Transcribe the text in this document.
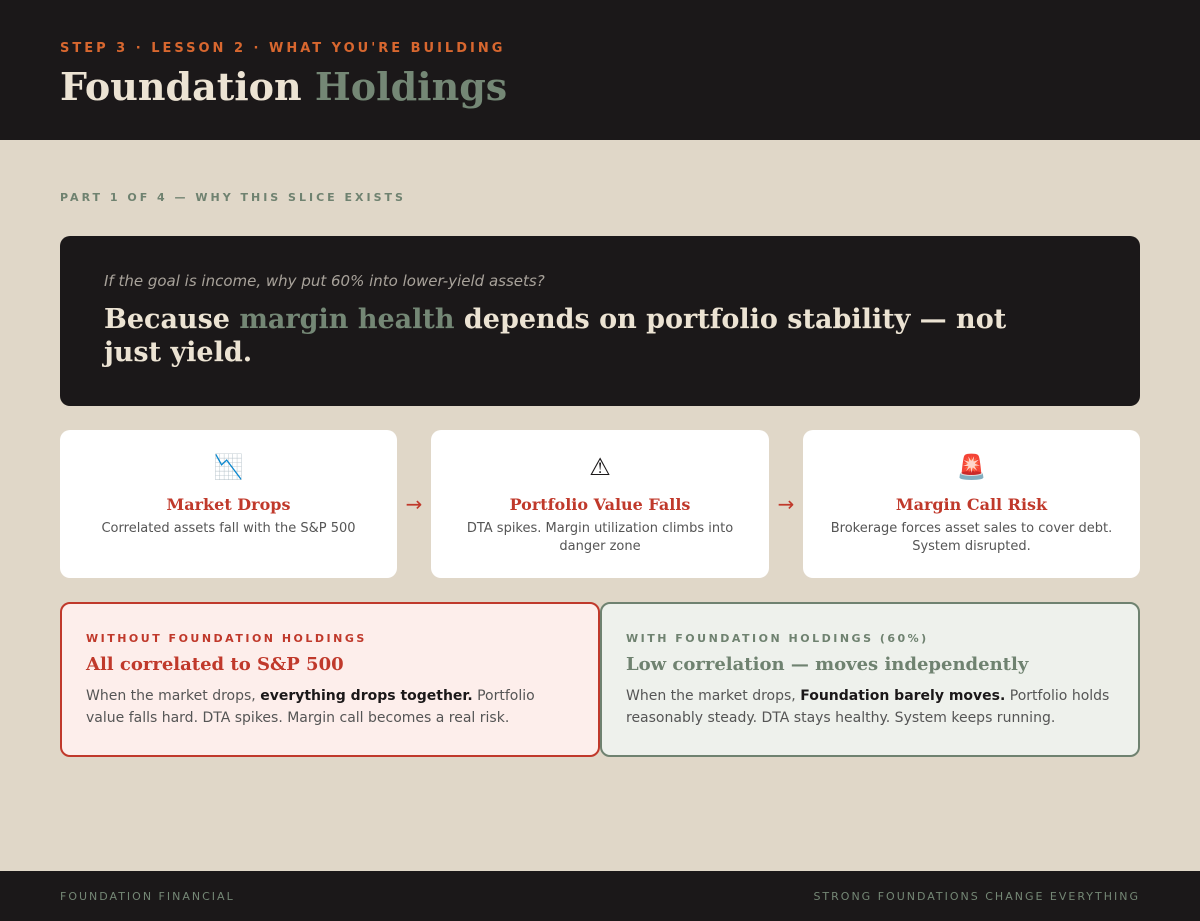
STEP 3 · LESSON 2 · WHAT YOU'RE BUILDING
Foundation Holdings
PART 1 OF 4 — WHY THIS SLICE EXISTS
If the goal is income, why put 60% into lower-yield assets?
Because margin health depends on portfolio stability — not just yield.
📉
Market Drops
Correlated assets fall with the S&P 500
→
⚠
Portfolio Value Falls
DTA spikes. Margin utilization climbs into danger zone
→
🚨
Margin Call Risk
Brokerage forces asset sales to cover debt. System disrupted.
WITHOUT FOUNDATION HOLDINGS
All correlated to S&P 500
When the market drops, everything drops together. Portfolio value falls hard. DTA spikes. Margin call becomes a real risk.
WITH FOUNDATION HOLDINGS (60%)
Low correlation — moves independently
When the market drops, Foundation barely moves. Portfolio holds reasonably steady. DTA stays healthy. System keeps running.
FOUNDATION FINANCIAL	STRONG FOUNDATIONS CHANGE EVERYTHING
